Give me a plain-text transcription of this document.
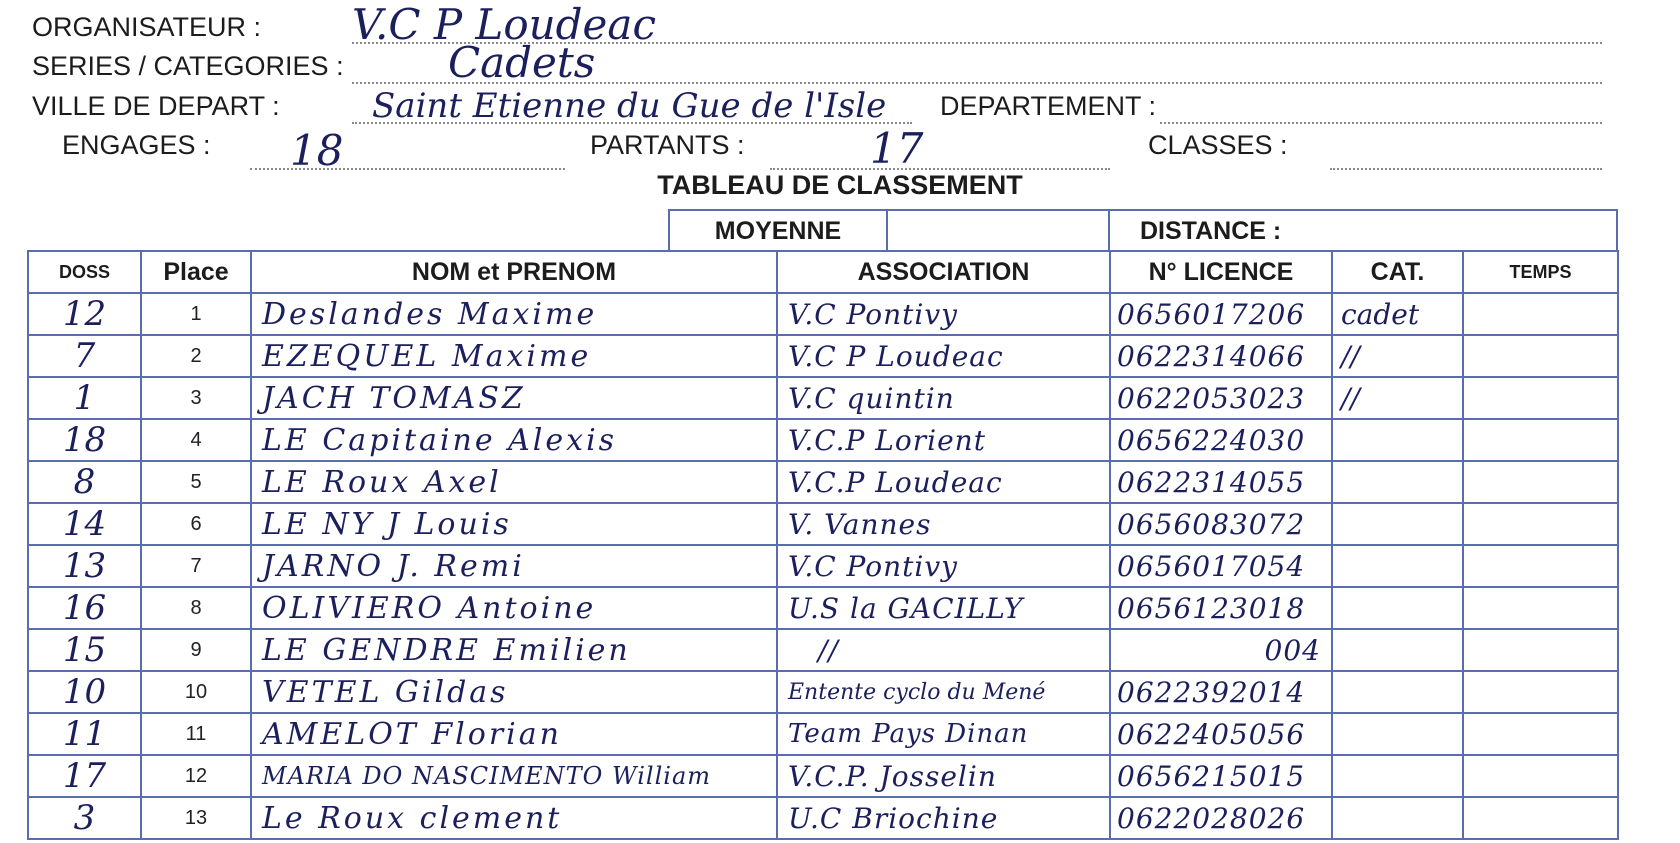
ORGANISATEUR : V.C P Loudeac
SERIES / CATEGORIES : Cadets
VILLE DE DEPART :	Saint Etienne du Gue de l'Isle DEPARTEMENT :
ENGAGES : 18	PARTANTS :	17	CLASSES :
TABLEAU DE CLASSEMENT
MOYENNE	DISTANCE :
DOSS	Place	NOM et PRENOM	ASSOCIATION	N° LICENCE	CAT.	TEMPS
12	1	Deslandes Maxime	V.C Pontivy	0656017206	cadet	
7	2	EZEQUEL Maxime	V.C P Loudeac	0622314066	//	
1	3	JACH TOMASZ	V.C quintin	0622053023	//	
18	4	LE Capitaine Alexis	V.C.P Lorient	0656224030		
8	5	LE Roux Axel	V.C.P Loudeac	0622314055		
14	6	LE NY J Louis	V. Vannes	0656083072		
13	7	JARNO J. Remi	V.C Pontivy	0656017054		
16	8	OLIVIERO Antoine	U.S la GACILLY	0656123018		
15	9	LE GENDRE Emilien	//	004		
10	10	VETEL Gildas	Entente cyclo du Mené	0622392014		
11	11	AMELOT Florian	Team Pays Dinan	0622405056		
17	12	MARIA DO NASCIMENTO William	V.C.P. Josselin	0656215015		
3	13	Le Roux clement	U.C Briochine	0622028026		
